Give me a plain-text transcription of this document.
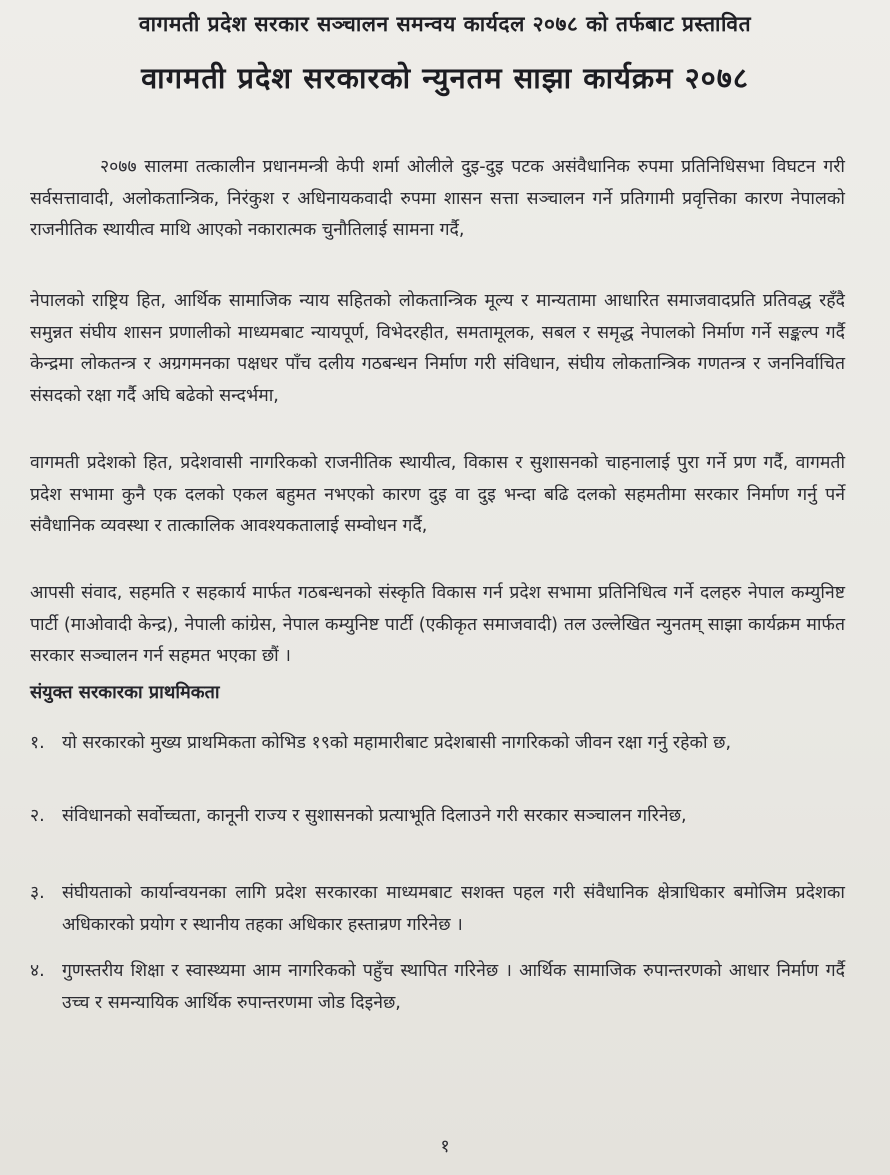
वागमती प्रदेश सरकार सञ्चालन समन्वय कार्यदल २०७८ को तर्फबाट प्रस्तावित
वागमती प्रदेश सरकारको न्युनतम साझा कार्यक्रम २०७८
२०७७ सालमा तत्कालीन प्रधानमन्त्री केपी शर्मा ओलीले दुइ-दुइ पटक असंवैधानिक रुपमा प्रतिनिधिसभा विघटन गरी सर्वसत्तावादी, अलोकतान्त्रिक, निरंकुश र अधिनायकवादी रुपमा शासन सत्ता सञ्चालन गर्ने प्रतिगामी प्रवृत्तिका कारण नेपालको राजनीतिक स्थायीत्व माथि आएको नकारात्मक चुनौतिलाई सामना गर्दै,
नेपालको राष्ट्रिय हित, आर्थिक सामाजिक न्याय सहितको लोकतान्त्रिक मूल्य र मान्यतामा आधारित समाजवादप्रति प्रतिवद्ध रहँदै समुन्नत संघीय शासन प्रणालीको माध्यमबाट न्यायपूर्ण, विभेदरहीत, समतामूलक, सबल र समृद्ध नेपालको निर्माण गर्ने सङ्कल्प गर्दै केन्द्रमा लोकतन्त्र र अग्रगमनका पक्षधर पाँच दलीय गठबन्धन निर्माण गरी संविधान, संघीय लोकतान्त्रिक गणतन्त्र र जननिर्वाचित संसदको रक्षा गर्दै अघि बढेको सन्दर्भमा,
वागमती प्रदेशको हित, प्रदेशवासी नागरिकको राजनीतिक स्थायीत्व, विकास र सुशासनको चाहनालाई पुरा गर्ने प्रण गर्दै, वागमती प्रदेश सभामा कुनै एक दलको एकल बहुमत नभएको कारण दुइ वा दुइ भन्दा बढि दलको सहमतीमा सरकार निर्माण गर्नु पर्ने संवैधानिक व्यवस्था र तात्कालिक आवश्यकतालाई सम्वोधन गर्दै,
आपसी संवाद, सहमति र सहकार्य मार्फत गठबन्धनको संस्कृति विकास गर्न प्रदेश सभामा प्रतिनिधित्व गर्ने दलहरु नेपाल कम्युनिष्ट पार्टी (माओवादी केन्द्र), नेपाली कांग्रेस, नेपाल कम्युनिष्ट पार्टी (एकीकृत समाजवादी) तल उल्लेखित न्युनतम् साझा कार्यक्रम मार्फत सरकार सञ्चालन गर्न सहमत भएका छौं ।
संयुक्त सरकारका प्राथमिकता
१. यो सरकारको मुख्य प्राथमिकता कोभिड १९को महामारीबाट प्रदेशबासी नागरिकको जीवन रक्षा गर्नु रहेको छ,
२. संविधानको सर्वोच्चता, कानूनी राज्य र सुशासनको प्रत्याभूति दिलाउने गरी सरकार सञ्चालन गरिनेछ,
३. संघीयताको कार्यान्वयनका लागि प्रदेश सरकारका माध्यमबाट सशक्त पहल गरी संवैधानिक क्षेत्राधिकार बमोजिम प्रदेशका अधिकारको प्रयोग र स्थानीय तहका अधिकार हस्तान्रण गरिनेछ ।
४. गुणस्तरीय शिक्षा र स्वास्थ्यमा आम नागरिकको पहुँच स्थापित गरिनेछ । आर्थिक सामाजिक रुपान्तरणको आधार निर्माण गर्दै उच्च र समन्यायिक आर्थिक रुपान्तरणमा जोड दिइनेछ,
१
